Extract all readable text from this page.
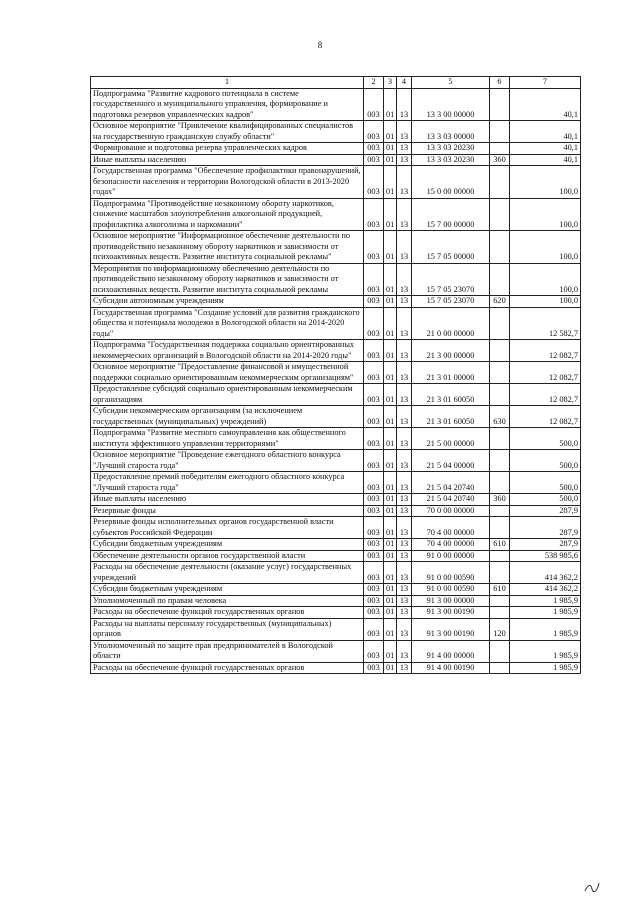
8
1	2	3	4	5	6	7
Подпрограмма "Развитие кадрового потенциала в системе государственного и муниципального управления, формирование и подготовка резервов управленческих кадров"	003	01	13	13 3 00 00000		40,1
Основное мероприятие "Привлечение квалифицированных специалистов на государственную гражданскую службу области"	003	01	13	13 3 03 00000		40,1
Формирование и подготовка резерва управленческих кадров	003	01	13	13 3 03 20230		40,1
Иные выплаты населению	003	01	13	13 3 03 20230	360	40,1
Государственная программа "Обеспечение профилактики правонарушений, безопасности населения и территории Вологодской области в 2013-2020 годах"	003	01	13	15 0 00 00000		100,0
Подпрограмма "Противодействие незаконному обороту наркотиков, снижение масштабов злоупотребления алкогольной продукцией, профилактика алкоголизма и наркомании"	003	01	13	15 7 00 00000		100,0
Основное мероприятие "Информационное обеспечение деятельности по противодействию незаконному обороту наркотиков и зависимости от психоактивных веществ. Развитие института социальной рекламы"	003	01	13	15 7 05 00000		100,0
Мероприятия по информационному обеспечению деятельности по противодействию незаконному обороту наркотиков и зависимости от психоактивных веществ. Развитие института социальной рекламы	003	01	13	15 7 05 23070		100,0
Субсидии автономным учреждениям	003	01	13	15 7 05 23070	620	100,0
Государственная программа "Создание условий для развития гражданского общества и потенциала молодежи в Вологодской области на 2014-2020 годы"	003	01	13	21 0 00 00000		12 582,7
Подпрограмма "Государственная поддержка социально ориентированных некоммерческих организаций в Вологодской области на 2014-2020 годы"	003	01	13	21 3 00 00000		12 082,7
Основное мероприятие "Предоставление финансовой и имущественной поддержки социально ориентированным некоммерческим организациям"	003	01	13	21 3 01 00000		12 082,7
Предоставление субсидий социально ориентированным некоммерческим организациям	003	01	13	21 3 01 60050		12 082,7
Субсидии некоммерческим организациям (за исключением государственных (муниципальных) учреждений)	003	01	13	21 3 01 60050	630	12 082,7
Подпрограмма "Развитие местного самоуправления как общественного института эффективного управления территориями"	003	01	13	21 5 00 00000		500,0
Основное мероприятие "Проведение ежегодного областного конкурса "Лучший староста года"	003	01	13	21 5 04 00000		500,0
Предоставление премий победителям ежегодного областного конкурса "Лучший староста года"	003	01	13	21 5 04 20740		500,0
Иные выплаты населению	003	01	13	21 5 04 20740	360	500,0
Резервные фонды	003	01	13	70 0 00 00000		287,9
Резервные фонды исполнительных органов государственной власти субъектов Российской Федерации	003	01	13	70 4 00 00000		287,9
Субсидии бюджетным учреждениям	003	01	13	70 4 00 00000	610	287,9
Обеспечение деятельности органов государственной власти	003	01	13	91 0 00 00000		538 985,6
Расходы на обеспечение деятельности (оказание услуг) государственных учреждений	003	01	13	91 0 00 00590		414 362,2
Субсидии бюджетным учреждениям	003	01	13	91 0 00 00590	610	414 362,2
Уполномоченный по правам человека	003	01	13	91 3 00 00000		1 985,9
Расходы на обеспечение функций государственных органов	003	01	13	91 3 00 00190		1 985,9
Расходы на выплаты персоналу государственных (муниципальных) органов	003	01	13	91 3 00 00190	120	1 985,9
Уполномоченный по защите прав предпринимателей в Вологодской области	003	01	13	91 4 00 00000		1 985,9
Расходы на обеспечение функций государственных органов	003	01	13	91 4 00 00190		1 985,9
